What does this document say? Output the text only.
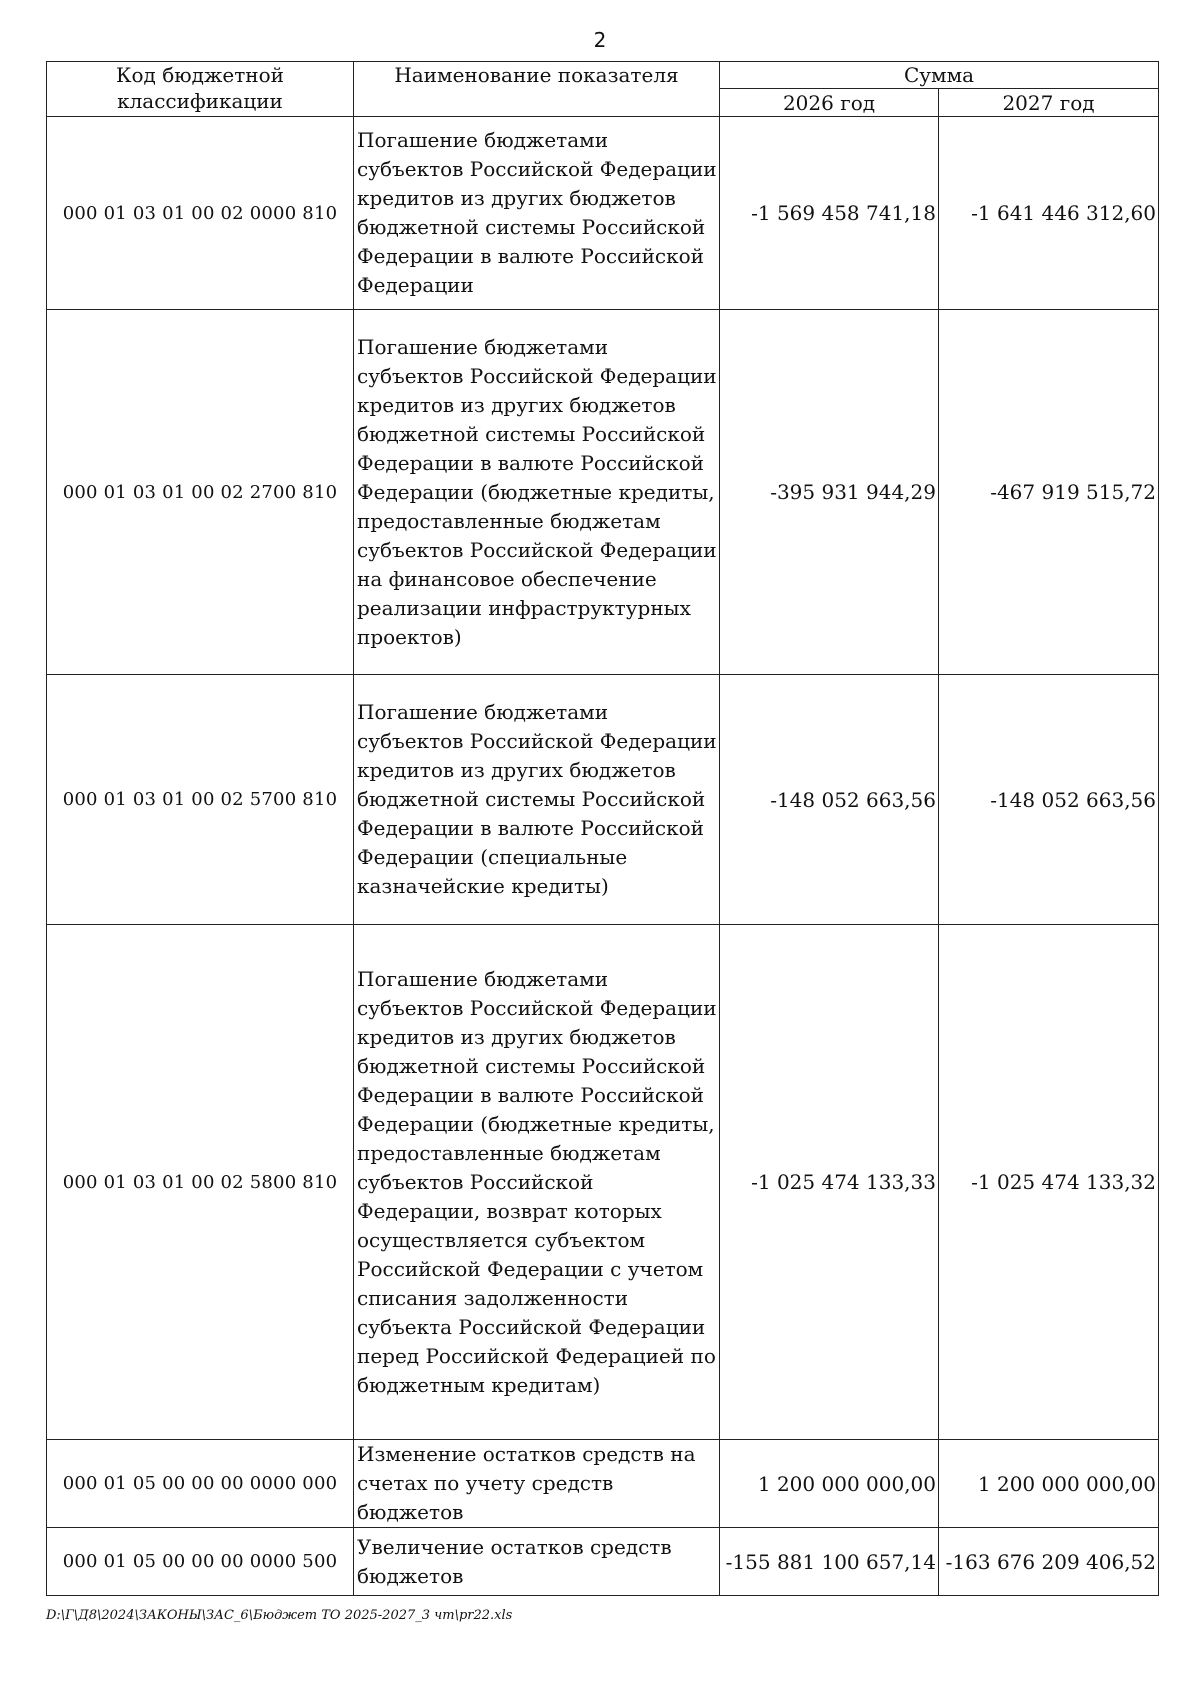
2
Код бюджетной классификации	Наименование показателя	Сумма	
		2026 год	2027 год
000 01 03 01 00 02 0000 810	Погашение бюджетами субъектов Российской Федерации кредитов из других бюджетов бюджетной системы Российской Федерации в валюте Российской Федерации	-1 569 458 741,18	-1 641 446 312,60
000 01 03 01 00 02 2700 810	Погашение бюджетами субъектов Российской Федерации кредитов из других бюджетов бюджетной системы Российской Федерации в валюте Российской Федерации (бюджетные кредиты, предоставленные бюджетам субъектов Российской Федерации на финансовое обеспечение реализации инфраструктурных проектов)	-395 931 944,29	-467 919 515,72
000 01 03 01 00 02 5700 810	Погашение бюджетами субъектов Российской Федерации кредитов из других бюджетов бюджетной системы Российской Федерации в валюте Российской Федерации (специальные казначейские кредиты)	-148 052 663,56	-148 052 663,56
000 01 03 01 00 02 5800 810	Погашение бюджетами субъектов Российской Федерации кредитов из других бюджетов бюджетной системы Российской Федерации в валюте Российской Федерации (бюджетные кредиты, предоставленные бюджетам субъектов Российской Федерации, возврат которых осуществляется субъектом Российской Федерации с учетом списания задолженности субъекта Российской Федерации перед Российской Федерацией по бюджетным кредитам)	-1 025 474 133,33	-1 025 474 133,32
000 01 05 00 00 00 0000 000	Изменение остатков средств на счетах по учету средств бюджетов	1 200 000 000,00	1 200 000 000,00
000 01 05 00 00 00 0000 500	Увеличение остатков средств бюджетов	-155 881 100 657,14	-163 676 209 406,52
D:\Г\Д8\2024\ЗАКОНЫ\ЗАС_6\Бюджет ТО 2025-2027_3 чт\pr22.xls
